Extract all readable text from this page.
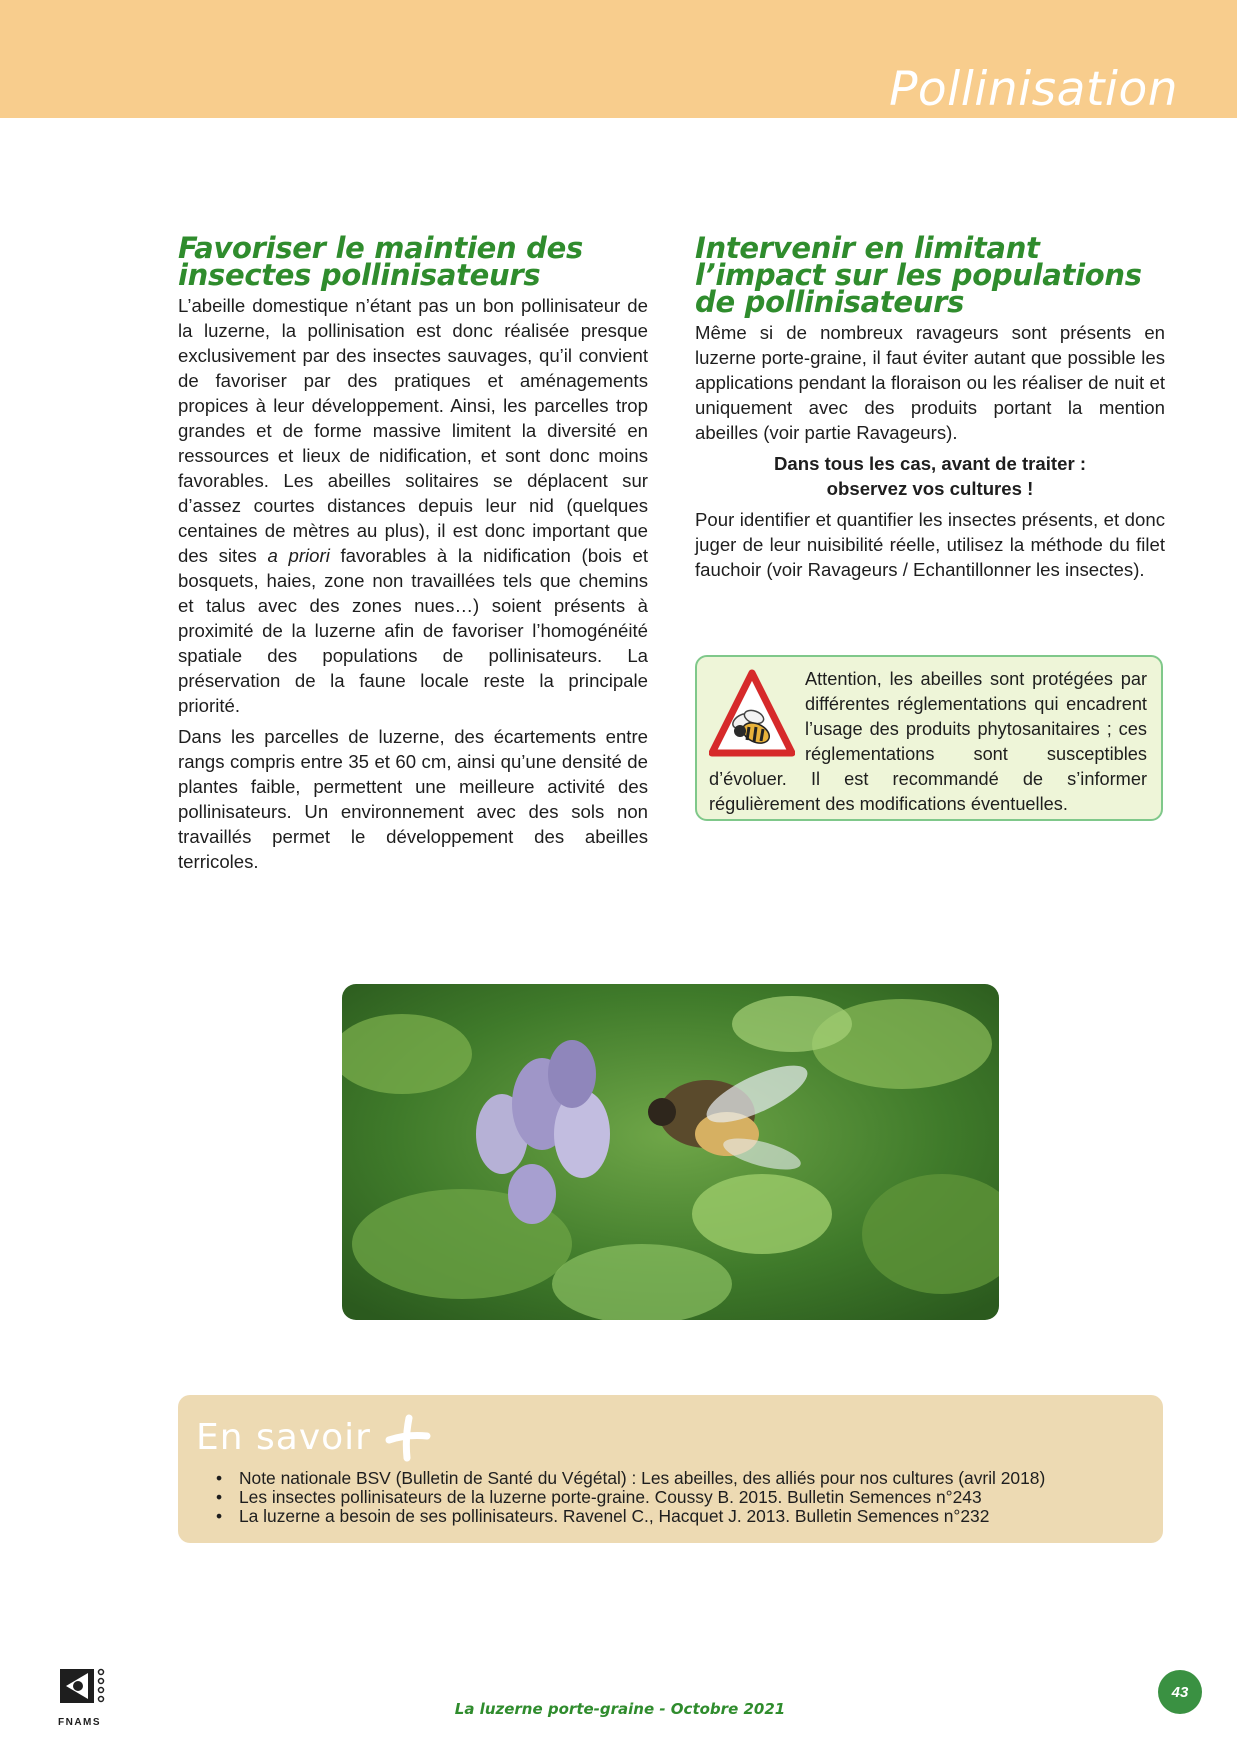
Pollinisation
Favoriser le maintien des insectes pollinisateurs

L’abeille domestique n’étant pas un bon pollinisateur de la luzerne, la pollinisation est donc réalisée presque exclusivement par des insectes sauvages, qu’il convient de favoriser par des pratiques et aménagements propices à leur développement. Ainsi, les parcelles trop grandes et de forme massive limitent la diversité en ressources et lieux de nidification, et sont donc moins favorables. Les abeilles solitaires se déplacent sur d’assez courtes distances depuis leur nid (quelques centaines de mètres au plus), il est donc important que des sites a priori favorables à la nidification (bois et bosquets, haies, zone non travaillées tels que chemins et talus avec des zones nues…) soient présents à proximité de la luzerne afin de favoriser l’homogénéité spatiale des populations de pollinisateurs. La préservation de la faune locale reste la principale priorité.

Dans les parcelles de luzerne, des écartements entre rangs compris entre 35 et 60 cm, ainsi qu’une densité de plantes faible, permettent une meilleure activité des pollinisateurs. Un environnement avec des sols non travaillés permet le développement des abeilles terricoles.

Intervenir en limitant l’impact sur les populations de pollinisateurs

Même si de nombreux ravageurs sont présents en luzerne porte-graine, il faut éviter autant que possible les applications pendant la floraison ou les réaliser de nuit et uniquement avec des produits portant la mention abeilles (voir partie Ravageurs).

Dans tous les cas, avant de traiter :
observez vos cultures !

Pour identifier et quantifier les insectes présents, et donc juger de leur nuisibilité réelle, utilisez la méthode du filet fauchoir (voir Ravageurs / Echantillonner les insectes).

Attention, les abeilles sont protégées par différentes réglementations qui encadrent l’usage des produits phytosanitaires ; ces réglementations sont susceptibles d’évoluer. Il est recommandé de s’informer régulièrement des modifications éventuelles.

En savoir
• Note nationale BSV (Bulletin de Santé du Végétal) : Les abeilles, des alliés pour nos cultures (avril 2018)
• Les insectes pollinisateurs de la luzerne porte-graine. Coussy B. 2015. Bulletin Semences n°243
• La luzerne a besoin de ses pollinisateurs. Ravenel C., Hacquet J. 2013. Bulletin Semences n°232
FNAMS
La luzerne porte-graine - Octobre 2021
43
